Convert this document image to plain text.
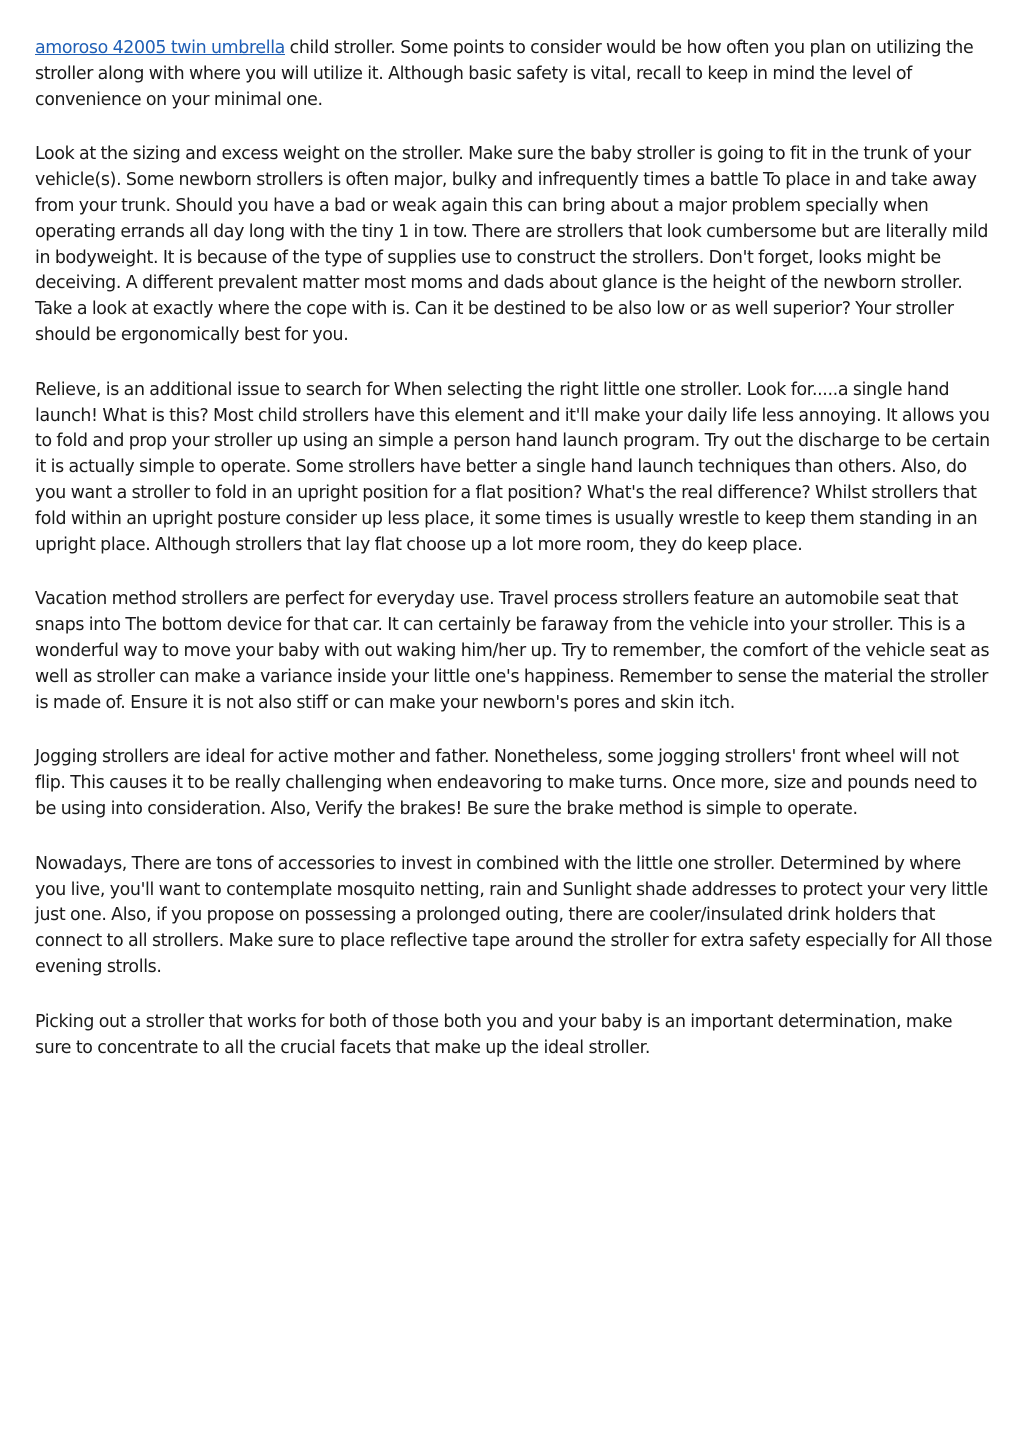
amoroso 42005 twin umbrella child stroller. Some points to consider would be how often you plan on utilizing the stroller along with where you will utilize it. Although basic safety is vital, recall to keep in mind the level of convenience on your minimal one.

Look at the sizing and excess weight on the stroller. Make sure the baby stroller is going to fit in the trunk of your vehicle(s). Some newborn strollers is often major, bulky and infrequently times a battle To place in and take away from your trunk. Should you have a bad or weak again this can bring about a major problem specially when operating errands all day long with the tiny 1 in tow. There are strollers that look cumbersome but are literally mild in bodyweight. It is because of the type of supplies use to construct the strollers. Don't forget, looks might be deceiving. A different prevalent matter most moms and dads about glance is the height of the newborn stroller. Take a look at exactly where the cope with is. Can it be destined to be also low or as well superior? Your stroller should be ergonomically best for you.

Relieve, is an additional issue to search for When selecting the right little one stroller. Look for.....a single hand launch! What is this? Most child strollers have this element and it'll make your daily life less annoying. It allows you to fold and prop your stroller up using an simple a person hand launch program. Try out the discharge to be certain it is actually simple to operate. Some strollers have better a single hand launch techniques than others. Also, do you want a stroller to fold in an upright position for a flat position? What's the real difference? Whilst strollers that fold within an upright posture consider up less place, it some times is usually wrestle to keep them standing in an upright place. Although strollers that lay flat choose up a lot more room, they do keep place.

Vacation method strollers are perfect for everyday use. Travel process strollers feature an automobile seat that snaps into The bottom device for that car. It can certainly be faraway from the vehicle into your stroller. This is a wonderful way to move your baby with out waking him/her up. Try to remember, the comfort of the vehicle seat as well as stroller can make a variance inside your little one's happiness. Remember to sense the material the stroller is made of. Ensure it is not also stiff or can make your newborn's pores and skin itch.

Jogging strollers are ideal for active mother and father. Nonetheless, some jogging strollers' front wheel will not flip. This causes it to be really challenging when endeavoring to make turns. Once more, size and pounds need to be using into consideration. Also, Verify the brakes! Be sure the brake method is simple to operate.

Nowadays, There are tons of accessories to invest in combined with the little one stroller. Determined by where you live, you'll want to contemplate mosquito netting, rain and Sunlight shade addresses to protect your very little just one. Also, if you propose on possessing a prolonged outing, there are cooler/insulated drink holders that connect to all strollers. Make sure to place reflective tape around the stroller for extra safety especially for All those evening strolls.

Picking out a stroller that works for both of those both you and your baby is an important determination, make sure to concentrate to all the crucial facets that make up the ideal stroller.
